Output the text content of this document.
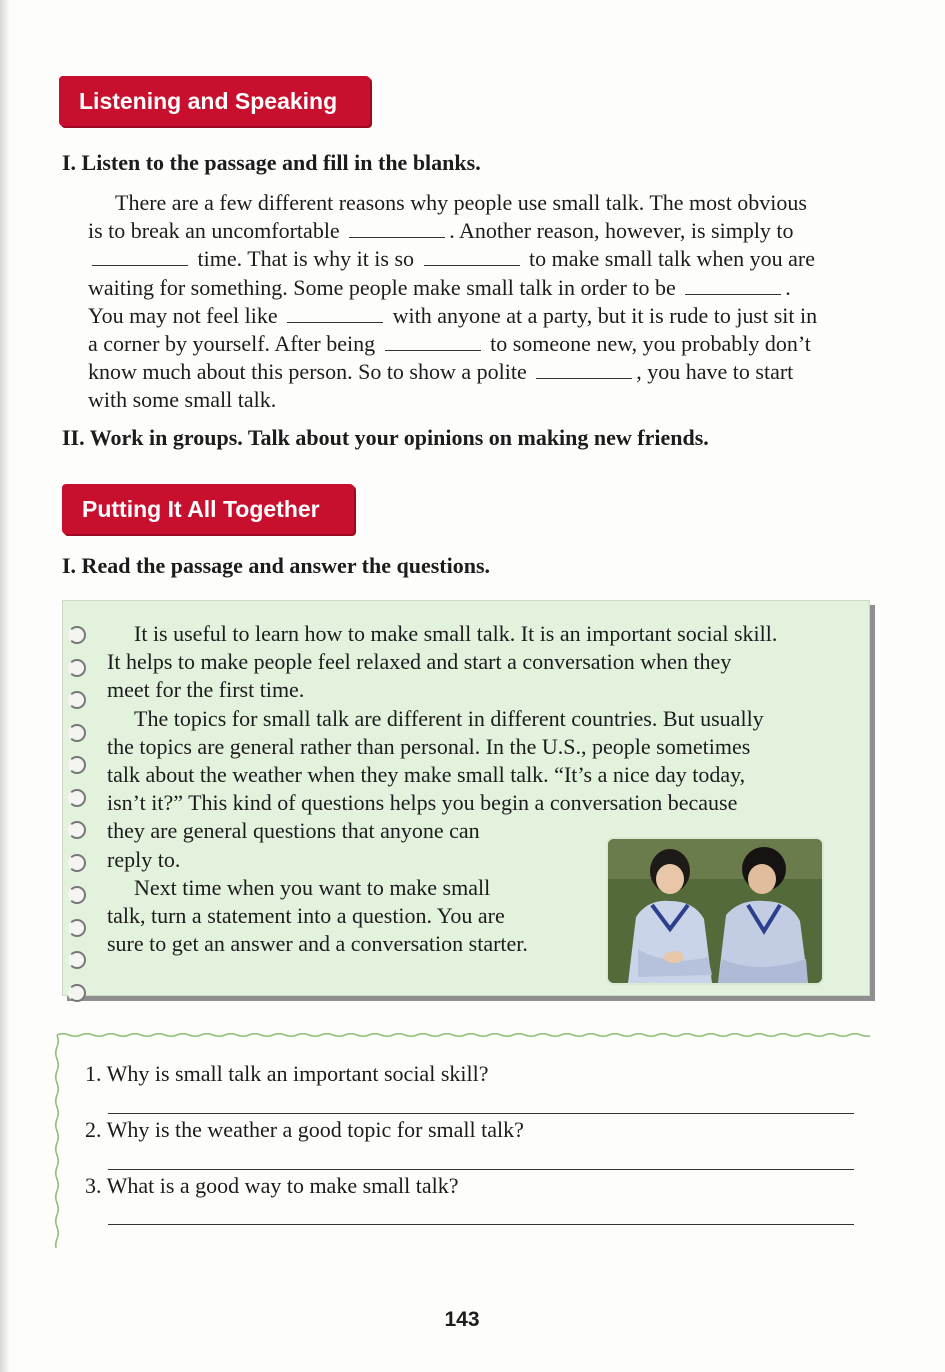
Listening and Speaking
I. Listen to the passage and fill in the blanks.
There are a few different reasons why people use small talk. The most obvious
is to break an uncomfortable	. Another reason, however, is simply to
time. That is why it is so	to make small talk when you are
waiting for something. Some people make small talk in order to be	.
You may not feel like	with anyone at a party, but it is rude to just sit in
a corner by yourself. After being	to someone new, you probably don’t
know much about this person. So to show a polite	, you have to start
with some small talk.
II. Work in groups. Talk about your opinions on making new friends.
Putting It All Together
I. Read the passage and answer the questions.
It is useful to learn how to make small talk. It is an important social skill.
It helps to make people feel relaxed and start a conversation when they
meet for the first time.
The topics for small talk are different in different countries. But usually
the topics are general rather than personal. In the U.S., people sometimes
talk about the weather when they make small talk. “It’s a nice day today,
isn’t it?” This kind of questions helps you begin a conversation because
they are general questions that anyone can
reply to.
Next time when you want to make small
talk, turn a statement into a question. You are
sure to get an answer and a conversation starter.
1. Why is small talk an important social skill?
2. Why is the weather a good topic for small talk?
3. What is a good way to make small talk?
143
